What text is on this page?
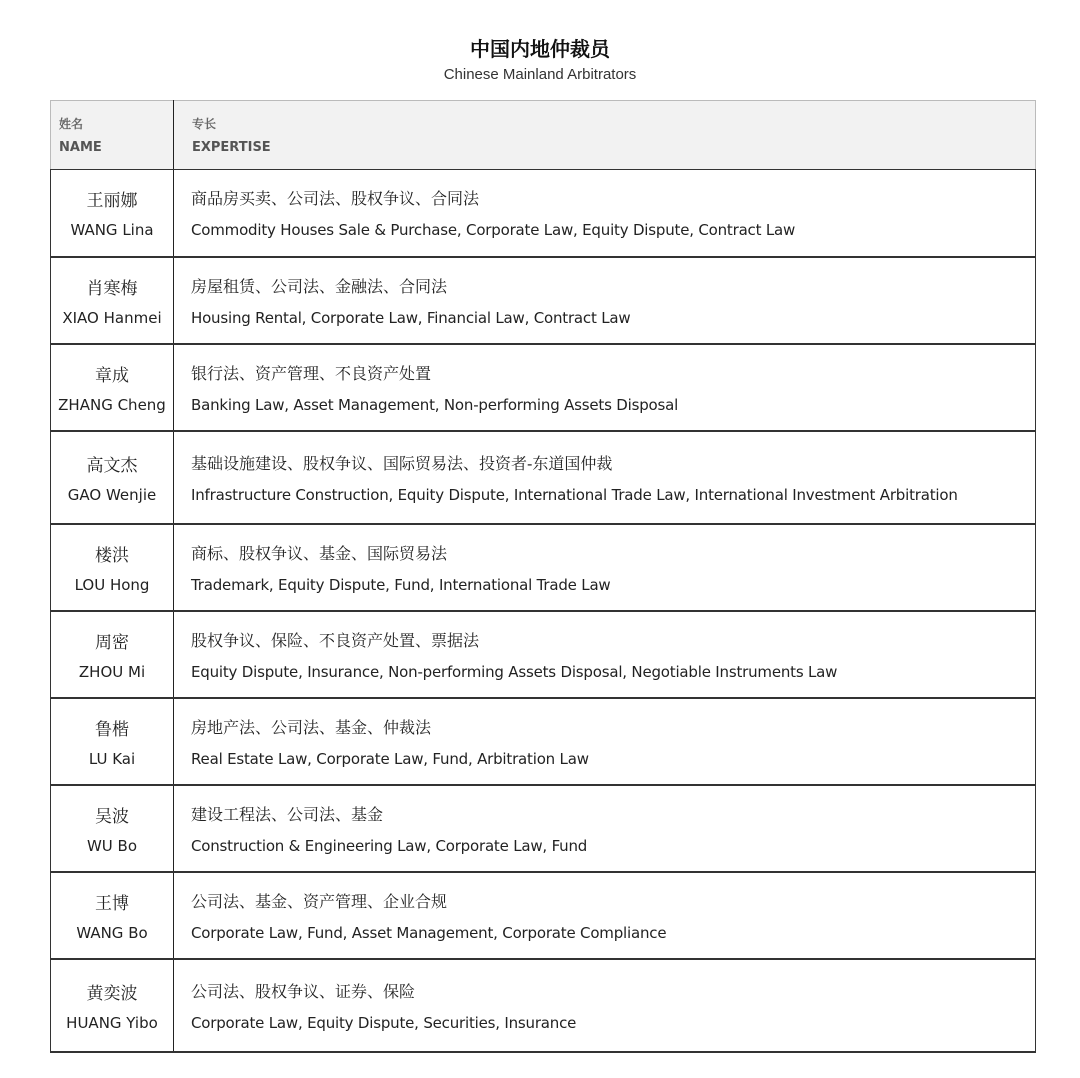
中国内地仲裁员
Chinese Mainland Arbitrators
姓名
NAME	专长
EXPERTISE

王丽娜
WANG Lina	商品房买卖、公司法、股权争议、合同法
Commodity Houses Sale & Purchase, Corporate Law, Equity Dispute, Contract Law

肖寒梅
XIAO Hanmei	房屋租赁、公司法、金融法、合同法
Housing Rental, Corporate Law, Financial Law, Contract Law

章成
ZHANG Cheng	银行法、资产管理、不良资产处置
Banking Law, Asset Management, Non-performing Assets Disposal

高文杰
GAO Wenjie	基础设施建设、股权争议、国际贸易法、投资者-东道国仲裁
Infrastructure Construction, Equity Dispute, International Trade Law, International Investment Arbitration

楼洪
LOU Hong	商标、股权争议、基金、国际贸易法
Trademark, Equity Dispute, Fund, International Trade Law

周密
ZHOU Mi	股权争议、保险、不良资产处置、票据法
Equity Dispute, Insurance, Non-performing Assets Disposal, Negotiable Instruments Law

鲁楷
LU Kai	房地产法、公司法、基金、仲裁法
Real Estate Law, Corporate Law, Fund, Arbitration Law

吴波
WU Bo	建设工程法、公司法、基金
Construction & Engineering Law, Corporate Law, Fund

王博
WANG Bo	公司法、基金、资产管理、企业合规
Corporate Law, Fund, Asset Management, Corporate Compliance

黄奕波
HUANG Yibo	公司法、股权争议、证券、保险
Corporate Law, Equity Dispute, Securities, Insurance
